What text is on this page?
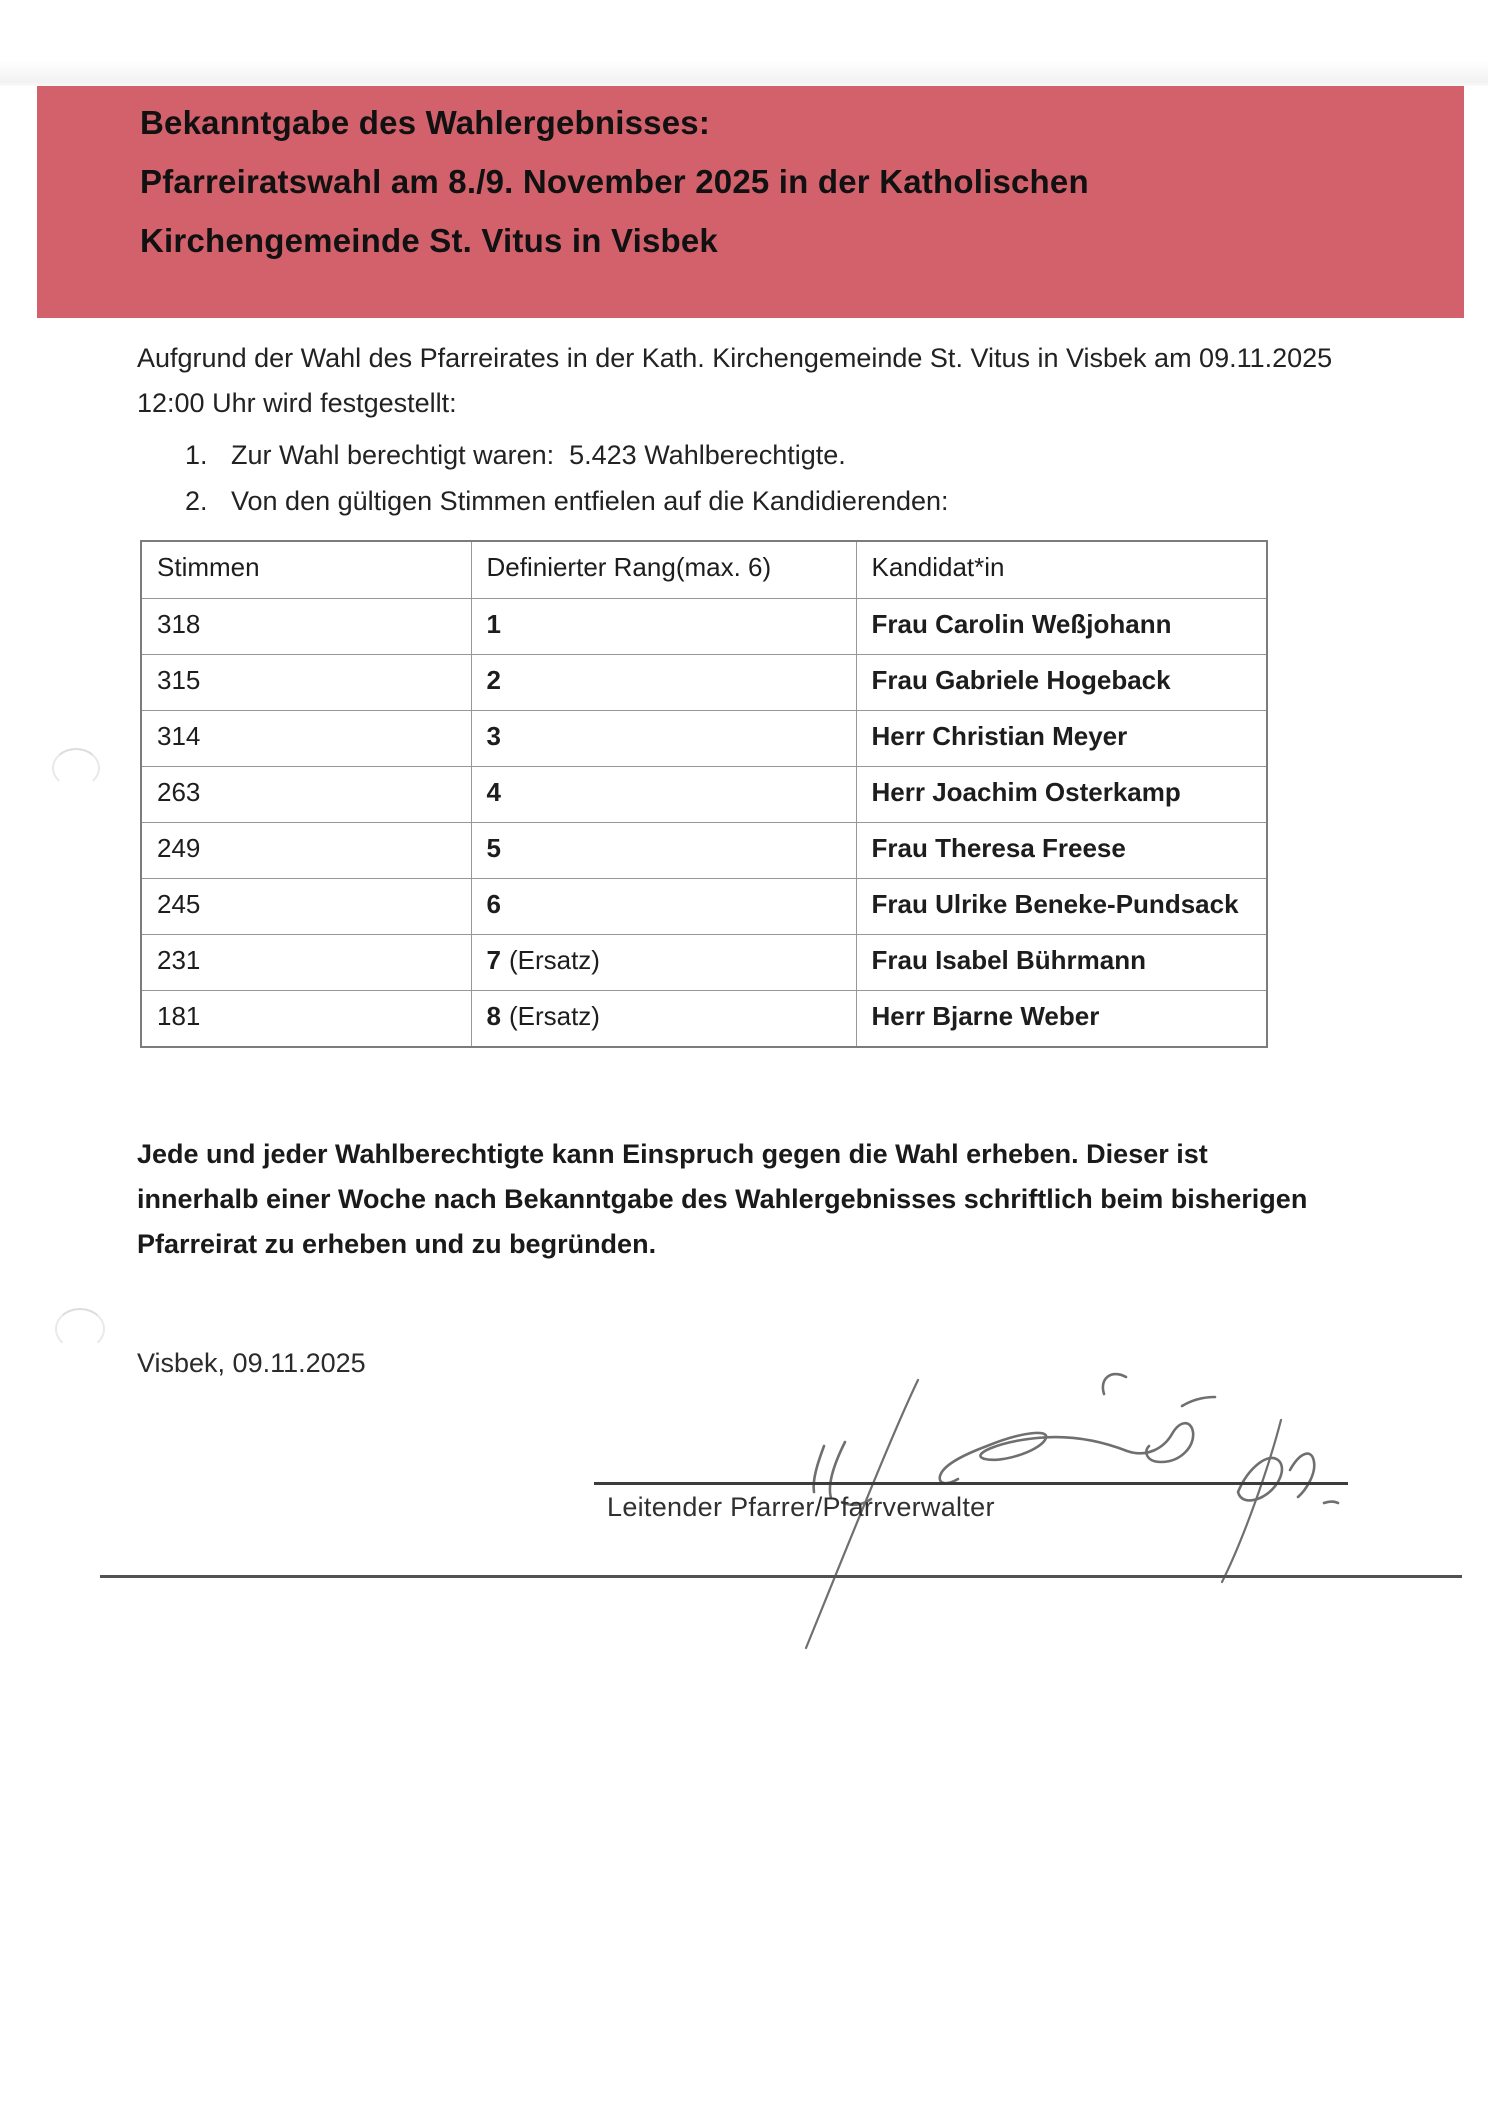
Bekanntgabe des Wahlergebnisses:
Pfarreiratswahl am 8./9. November 2025 in der Katholischen
Kirchengemeinde St. Vitus in Visbek
Aufgrund der Wahl des Pfarreirates in der Kath. Kirchengemeinde St. Vitus in Visbek am 09.11.2025 12:00 Uhr wird festgestellt:
1. Zur Wahl berechtigt waren:  5.423 Wahlberechtigte.
2. Von den gültigen Stimmen entfielen auf die Kandidierenden:
Stimmen	Definierter Rang(max. 6)	Kandidat*in
318	1	Frau Carolin Weßjohann
315	2	Frau Gabriele Hogeback
314	3	Herr Christian Meyer
263	4	Herr Joachim Osterkamp
249	5	Frau Theresa Freese
245	6	Frau Ulrike Beneke-Pundsack
231	7 (Ersatz)	Frau Isabel Bührmann
181	8 (Ersatz)	Herr Bjarne Weber
Jede und jeder Wahlberechtigte kann Einspruch gegen die Wahl erheben. Dieser ist innerhalb einer Woche nach Bekanntgabe des Wahlergebnisses schriftlich beim bisherigen Pfarreirat zu erheben und zu begründen.
Visbek, 09.11.2025
Leitender Pfarrer/Pfarrverwalter
